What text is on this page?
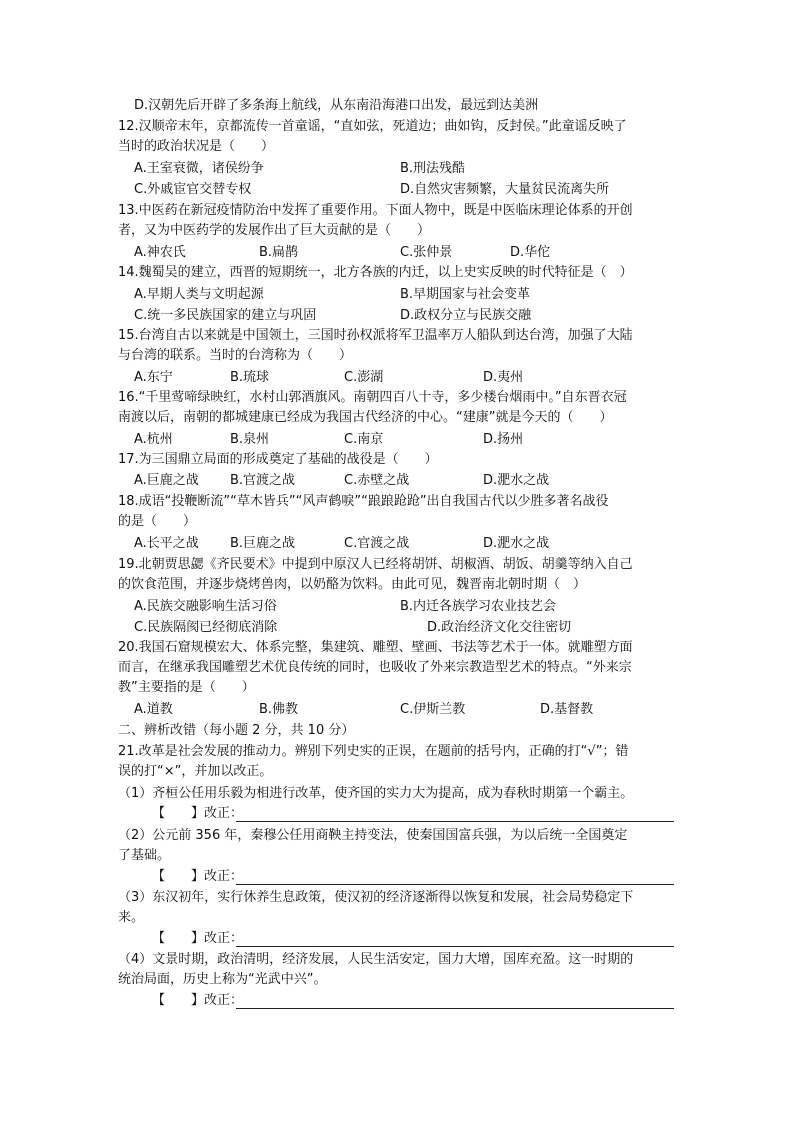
D.汉朝先后开辟了多条海上航线，从东南沿海港口出发，最远到达美洲
12.汉顺帝末年，京都流传一首童谣，“直如弦，死道边；曲如钩，反封侯。”此童谣反映了
当时的政治状况是（　　）
A.王室衰微，诸侯纷争	B.刑法残酷
C.外戚宦官交替专权	D.自然灾害频繁，大量贫民流离失所
13.中医药在新冠疫情防治中发挥了重要作用。下面人物中，既是中医临床理论体系的开创
者，又为中医药学的发展作出了巨大贡献的是（　　）
A.神农氏	B.扁鹊	C.张仲景	D.华佗
14.魏蜀吴的建立，西晋的短期统一，北方各族的内迁，以上史实反映的时代特征是（　）
A.早期人类与文明起源	B.早期国家与社会变革
C.统一多民族国家的建立与巩固	D.政权分立与民族交融
15.台湾自古以来就是中国领土，三国时孙权派将军卫温率万人船队到达台湾，加强了大陆
与台湾的联系。当时的台湾称为（　　）
A.东宁	B.琉球	C.澎湖	D.夷州
16.“千里莺啼绿映红，水村山郭酒旗风。南朝四百八十寺，多少楼台烟雨中。”自东晋衣冠
南渡以后，南朝的都城建康已经成为我国古代经济的中心。“建康”就是今天的（　　）
A.杭州	B.泉州	C.南京	D.扬州
17.为三国鼎立局面的形成奠定了基础的战役是（　　）
A.巨鹿之战 B.官渡之战	C.赤壁之战	D.淝水之战
18.成语“投鞭断流”“草木皆兵”“风声鹤唳”“踉踉跄跄”出自我国古代以少胜多著名战役
的是（　　）
A.长平之战 B.巨鹿之战	C.官渡之战	D.淝水之战
19.北朝贾思勰《齐民要术》中提到中原汉人已经将胡饼、胡椒酒、胡饭、胡羹等纳入自己
的饮食范围，并逐步烧烤兽肉，以奶酪为饮料。由此可见，魏晋南北朝时期（　）
A.民族交融影响生活习俗	B.内迁各族学习农业技艺会
C.民族隔阂已经彻底消除	D.政治经济文化交往密切
20.我国石窟规模宏大、体系完整，集建筑、雕塑、壁画、书法等艺术于一体。就雕塑方面
而言，在继承我国雕塑艺术优良传统的同时，也吸收了外来宗教造型艺术的特点。“外来宗
教”主要指的是（　　）
A.道教	B.佛教	C.伊斯兰教	D.基督教
二、辨析改错（每小题 2 分，共 10 分）
21.改革是社会发展的推动力。辨别下列史实的正误，在题前的括号内，正确的打“√”；错
误的打“×”，并加以改正。
（1）齐桓公任用乐毅为相进行改革，使齐国的实力大为提高，成为春秋时期第一个霸主。
【　　】改正：
（2）公元前 356 年，秦穆公任用商鞅主持变法，使秦国国富兵强，为以后统一全国奠定
了基础。
【　　】改正：
（3）东汉初年，实行休养生息政策，使汉初的经济逐渐得以恢复和发展，社会局势稳定下
来。
【　　】改正：
（4）文景时期，政治清明，经济发展，人民生活安定，国力大增，国库充盈。这一时期的
统治局面，历史上称为“光武中兴”。
【　　】改正：
